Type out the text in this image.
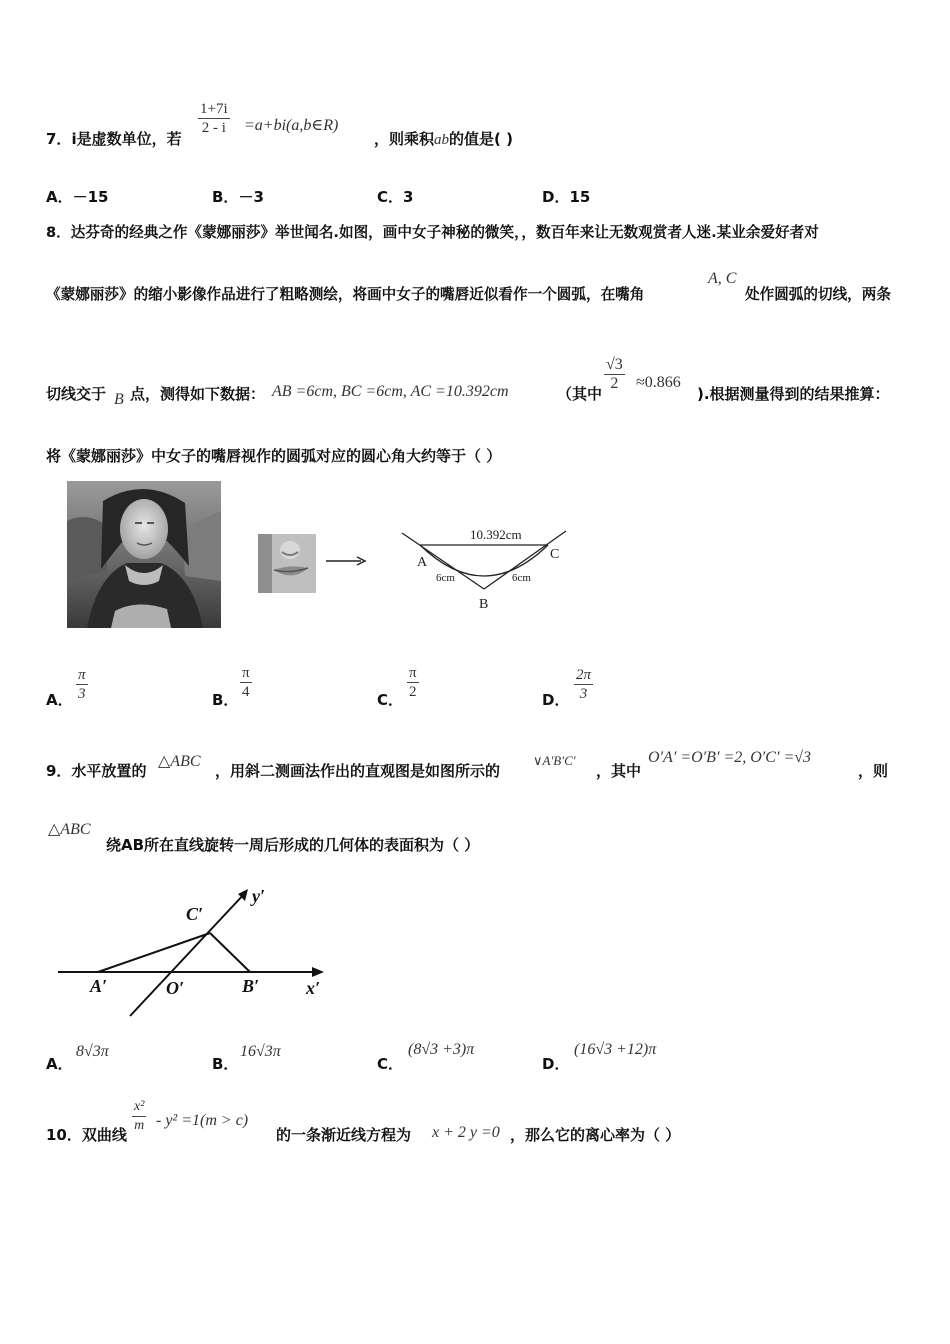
7．i是虚数单位，若
$\frac{1+7i}{2 - i}$ =a+bi(a,b∈R)
，则乘积ab的值是( )
A．－15	B．－3	C．3	D．15
8．达芬奇的经典之作《蒙娜丽莎》举世闻名.如图，画中女子神秘的微笑，，数百年来让无数观赏者人迷.某业余爱好者对
《蒙娜丽莎》的缩小影像作品进行了粗略测绘，将画中女子的嘴唇近似看作一个圆弧，在嘴角
A, C
处作圆弧的切线，两条
切线交于 B 点，测得如下数据： AB =6cm, BC =6cm, AC =10.392cm	（其中
$\frac{√3}{2} \approx 0.866$
).根据测量得到的结果推算：
将《蒙娜丽莎》中女子的嘴唇视作的圆弧对应的圆心角大约等于（ ）
10.392cm
A
C
B
6cm	6cm
A． $\frac{\pi}{3}$	B． $\frac{\pi}{4}$	C． $\frac{\pi}{2}$	D． $\frac{2\pi}{3}$
9．水平放置的
△ABC
，用斜二测画法作出的直观图是如图所示的
∨A′B′C′
，其中
O′A′ =O′B′ =2, O′C′ =√3
，则
△ABC
绕AB所在直线旋转一周后形成的几何体的表面积为（ ）
A′	O′	B′	x′
C′
y′
A．
8√3π
B．
16√3π
C．
(8√3 +3)π
D．
(16√3 +12)π
10．双曲线 $\frac{\text{x²}}{m} - y^2 =1(m > c)$
的一条渐近线方程为 x + 2 y =0 ，那么它的离心率为（ ）
